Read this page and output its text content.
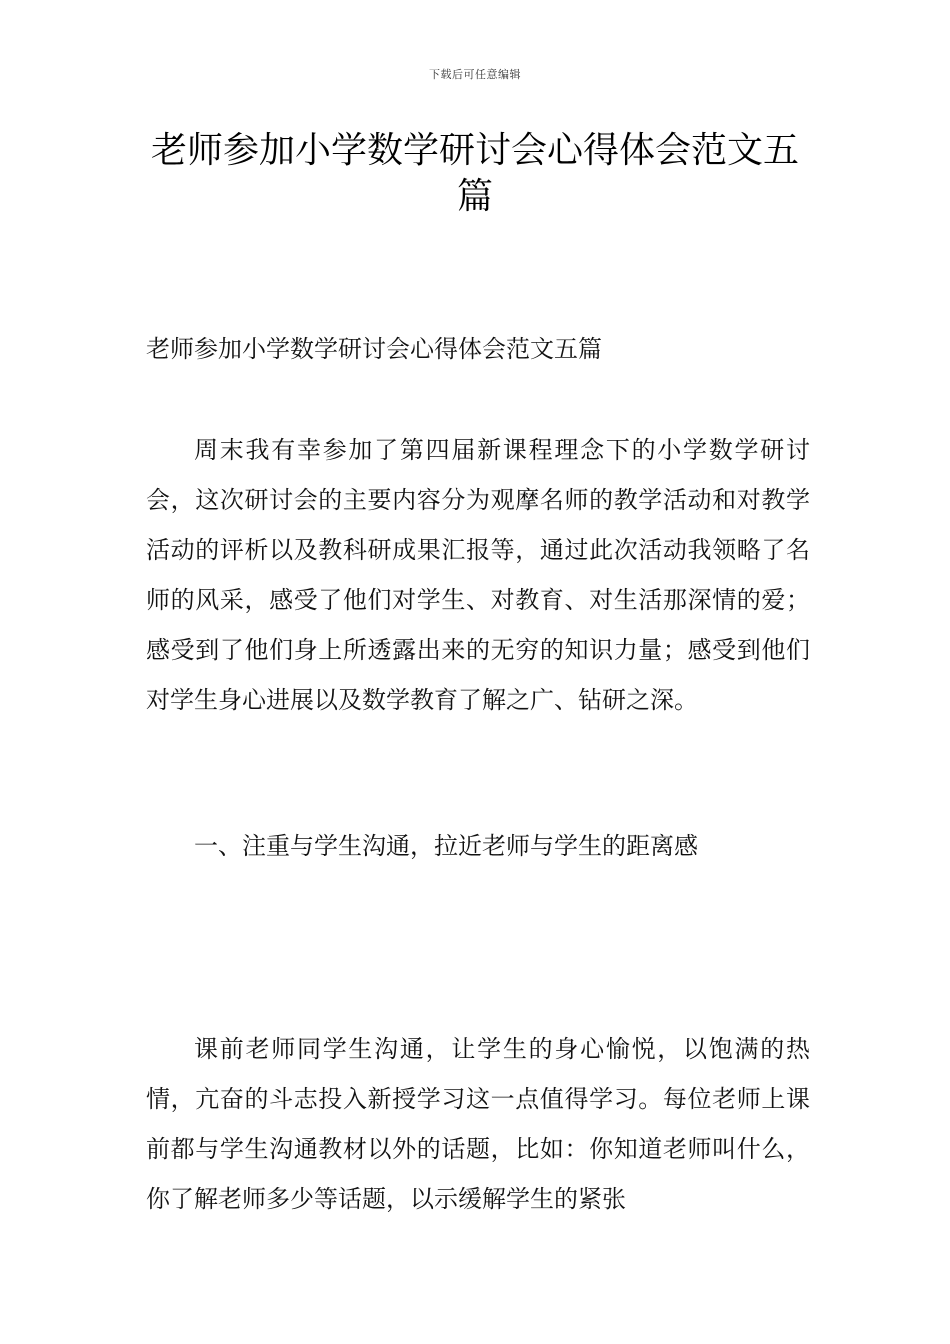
下载后可任意编辑
老师参加小学数学研讨会心得体会范文五篇

老师参加小学数学研讨会心得体会范文五篇

周末我有幸参加了第四届新课程理念下的小学数学研讨会，这次研讨会的主要内容分为观摩名师的教学活动和对教学活动的评析以及教科研成果汇报等，通过此次活动我领略了名师的风采，感受了他们对学生、对教育、对生活那深情的爱；感受到了他们身上所透露出来的无穷的知识力量；感受到他们对学生身心进展以及数学教育了解之广、钻研之深。

一、注重与学生沟通，拉近老师与学生的距离感

课前老师同学生沟通，让学生的身心愉悦，以饱满的热情，亢奋的斗志投入新授学习这一点值得学习。每位老师上课前都与学生沟通教材以外的话题，比如：你知道老师叫什么，你了解老师多少等话题，以示缓解学生的紧张
